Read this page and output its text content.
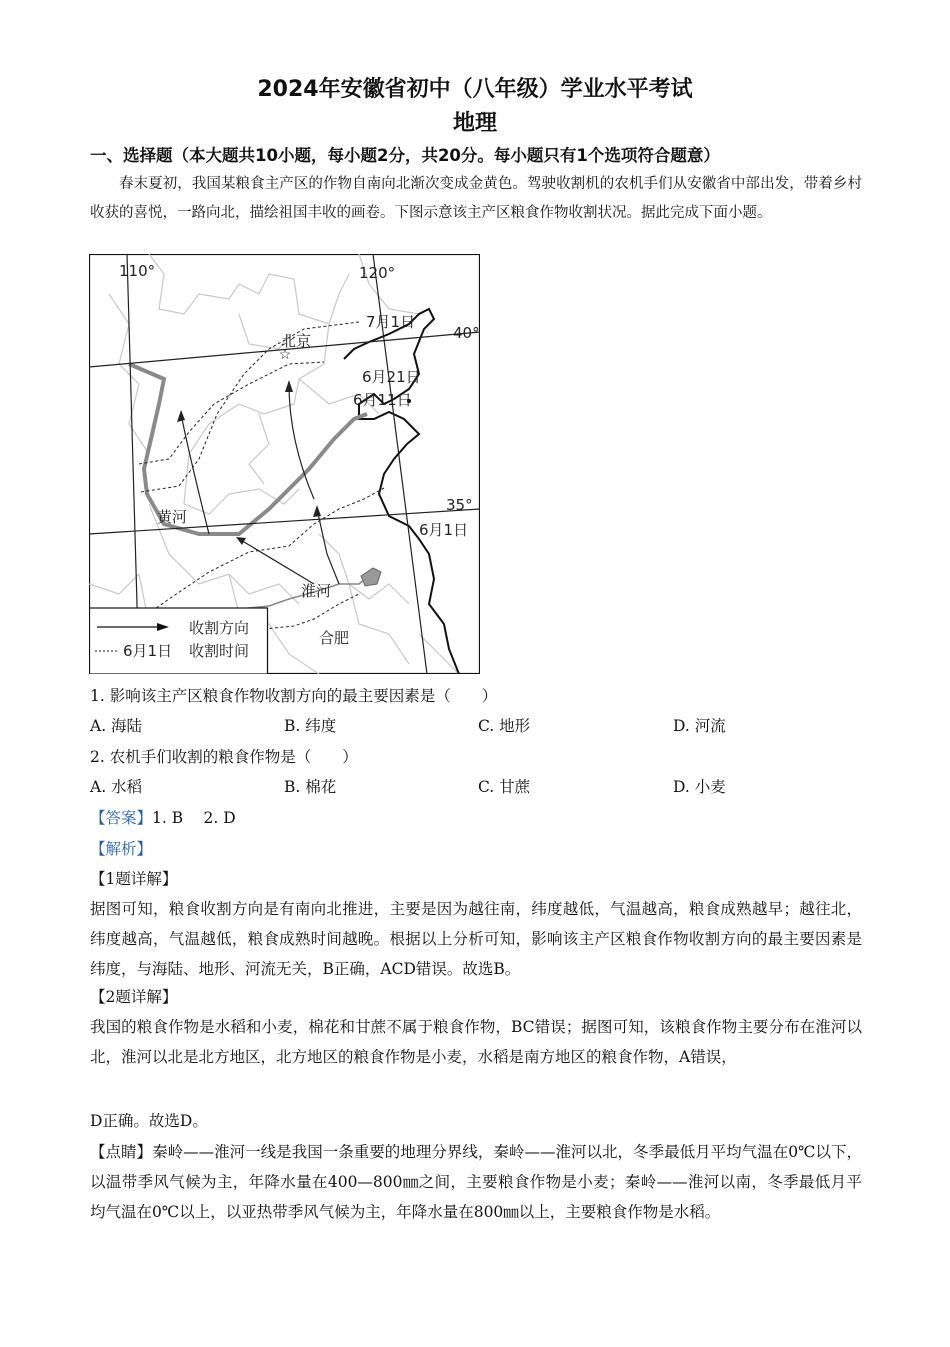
2024年安徽省初中（八年级）学业水平考试
地理
一、选择题（本大题共10小题，每小题2分，共20分。每小题只有1个选项符合题意）
春末夏初，我国某粮食主产区的作物自南向北渐次变成金黄色。驾驶收割机的农机手们从安徽省中部出发，带着乡村收获的喜悦，一路向北，描绘祖国丰收的画卷。下图示意该主产区粮食作物收割状况。据此完成下面小题。
☆
110°	120°
40°
35°
北京
7月1日
6月21日
6月11日
6月1日
黄河
淮河
合肥
收割方向
6月1日 收割时间
1. 影响该主产区粮食作物收割方向的最主要因素是（　　）
A. 海陆	B. 纬度	C. 地形	D. 河流
2. 农机手们收割的粮食作物是（　　）
A. 水稻	B. 棉花	C. 甘蔗	D. 小麦
【答案】1. B　 2. D
【解析】
【1题详解】
据图可知，粮食收割方向是有南向北推进，主要是因为越往南，纬度越低，气温越高，粮食成熟越早；越往北，纬度越高，气温越低，粮食成熟时间越晚。根据以上分析可知，影响该主产区粮食作物收割方向的最主要因素是纬度，与海陆、地形、河流无关，B正确，ACD错误。故选B。
【2题详解】
我国的粮食作物是水稻和小麦，棉花和甘蔗不属于粮食作物，BC错误；据图可知，该粮食作物主要分布在淮河以北，淮河以北是北方地区，北方地区的粮食作物是小麦，水稻是南方地区的粮食作物，A错误，
D正确。故选D。
【点睛】秦岭——淮河一线是我国一条重要的地理分界线，秦岭——淮河以北，冬季最低月平均气温在0℃以下，以温带季风气候为主，年降水量在400—800㎜之间，主要粮食作物是小麦；秦岭——淮河以南，冬季最低月平均气温在0℃以上，以亚热带季风气候为主，年降水量在800㎜以上，主要粮食作物是水稻。
